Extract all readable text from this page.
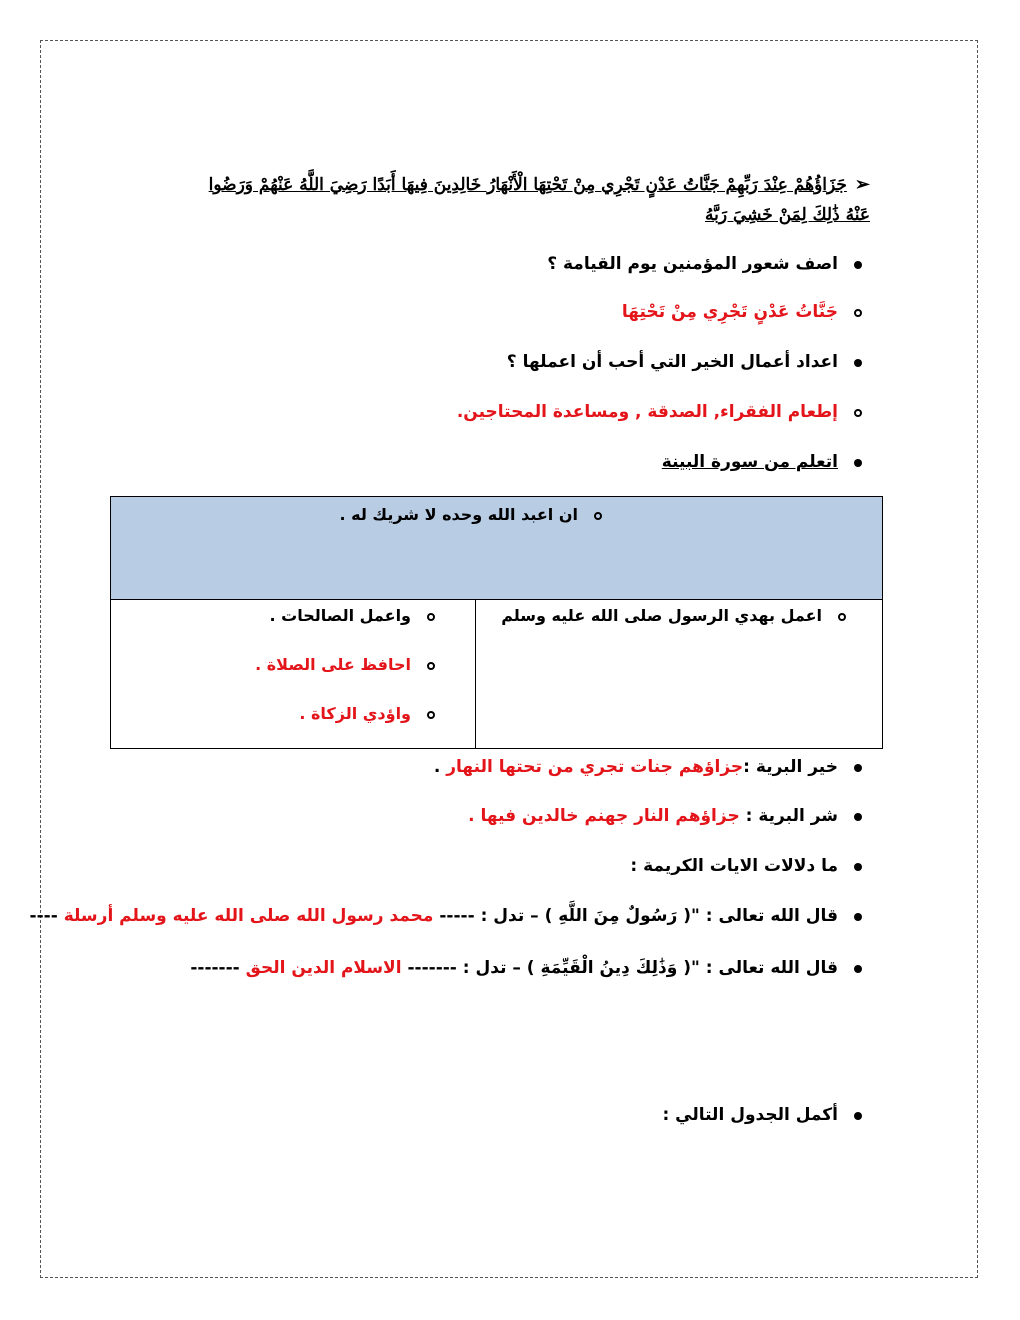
➢جَزَاؤُهُمْ عِنْدَ رَبِّهِمْ جَنَّاتُ عَدْنٍ تَجْرِي مِنْ تَحْتِهَا الْأَنْهَارُ خَالِدِينَ فِيهَا أَبَدًا رَضِيَ اللَّهُ عَنْهُمْ وَرَضُوا
عَنْهُ ذَٰلِكَ لِمَنْ خَشِيَ رَبَّهُ
اصف شعور المؤمنين يوم القيامة ؟
جَنَّاتُ عَدْنٍ تَجْرِي مِنْ تَحْتِهَا
اعداد أعمال الخير التي أحب أن اعملها ؟
إطعام الفقراء, الصدقة , ومساعدة المحتاجين.
اتعلم من سورة البينة
ان اعبد الله وحده لا شريك له .

اعمل بهدي الرسول صلى الله عليه وسلم

واعمل الصالحات .
احافظ على الصلاة .
واؤدي الزكاة .
خير البرية :جزاؤهم جنات تجري من تحتها النهار .
شر البرية : جزاؤهم النار جهنم خالدين فيها .
ما دلالات الايات الكريمة :
قال الله تعالى : "( رَسُولٌ مِنَ اللَّهِ ) – تدل : ----- محمد رسول الله صلى الله عليه وسلم أرسلة ----
قال الله تعالى : "( وَذَٰلِكَ دِينُ الْقَيِّمَةِ ) – تدل : ------- الاسلام الدين الحق -------
أكمل الجدول التالي :
